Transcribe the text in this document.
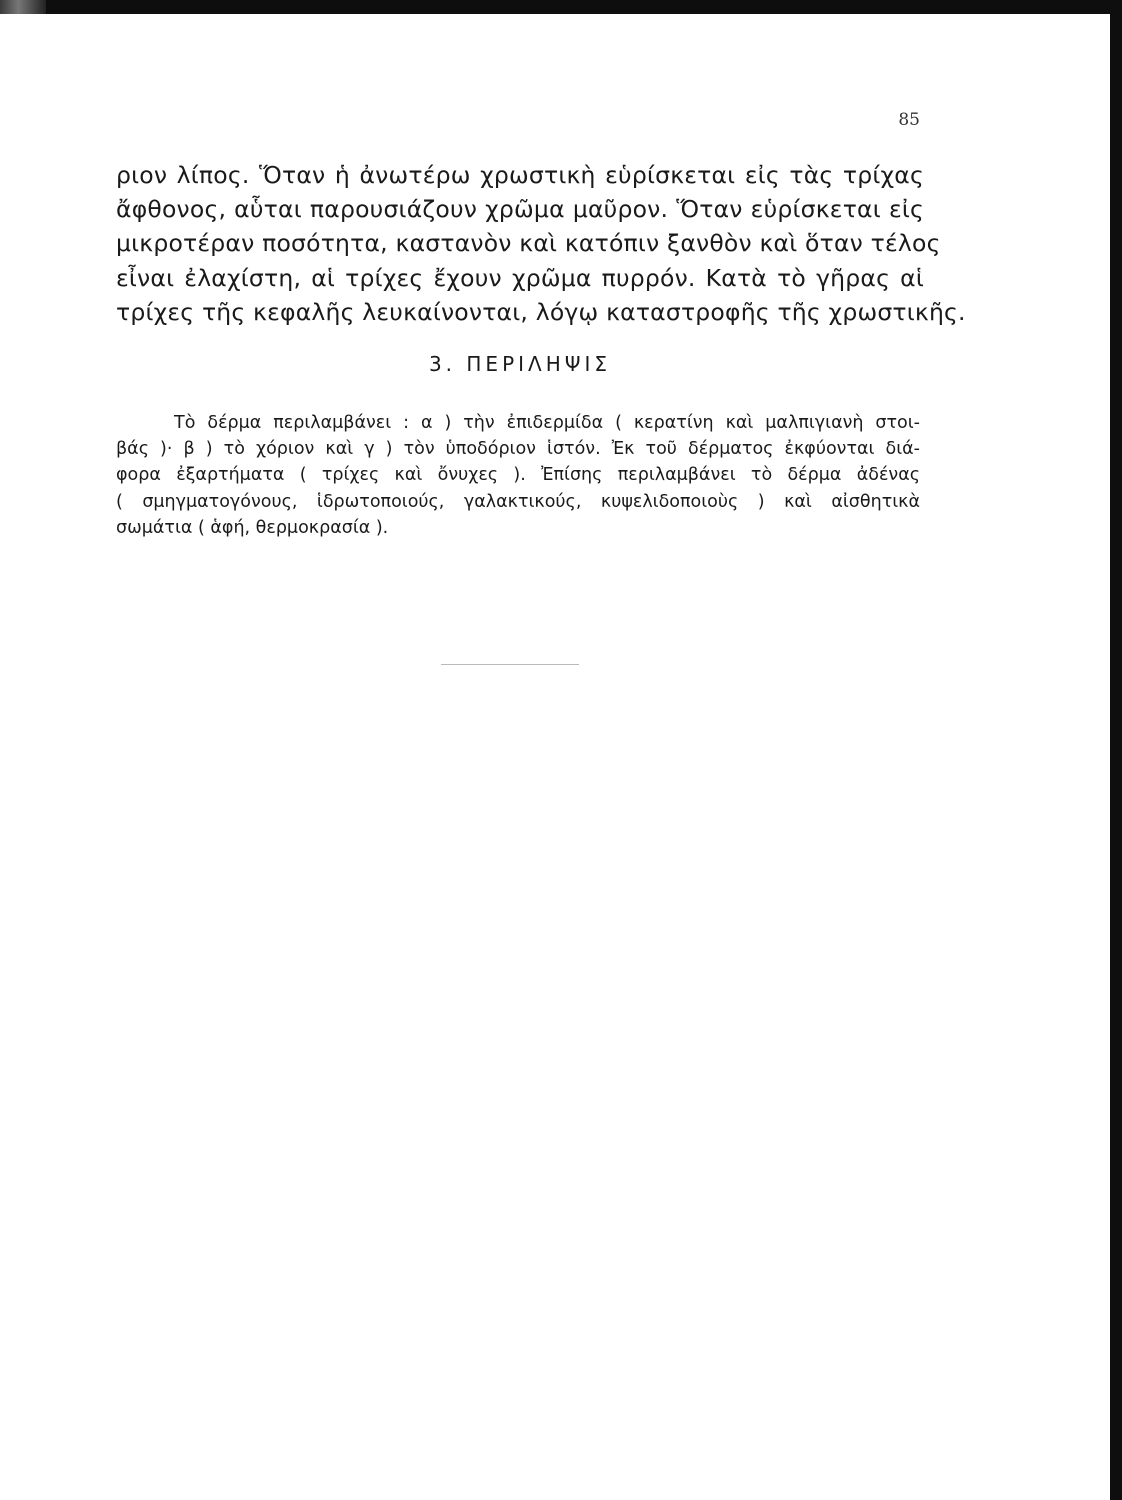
85
ριον λίπος. Ὅταν ἡ ἀνωτέρω χρωστικὴ εὑρίσκεται εἰς τὰς τρίχας
ἄφθονος, αὗται παρουσιάζουν χρῶμα μαῦρον. Ὅταν εὑρίσκεται εἰς
μικροτέραν ποσότητα, καστανὸν καὶ κατόπιν ξανθὸν καὶ ὅταν τέλος
εἶναι ἐλαχίστη, αἱ τρίχες ἔχουν χρῶμα πυρρόν. Κατὰ τὸ γῆρας αἱ
τρίχες τῆς κεφαλῆς λευκαίνονται, λόγῳ καταστροφῆς τῆς χρωστικῆς.
3. ΠΕΡΙΛΗΨΙΣ
Τὸ δέρμα περιλαμβάνει : α ) τὴν ἐπιδερμίδα ( κερατίνη καὶ μαλπιγιανὴ στοι-
βάς )· β ) τὸ χόριον καὶ γ ) τὸν ὑποδόριον ἱστόν. Ἐκ τοῦ δέρματος ἐκφύονται διά-
φορα ἐξαρτήματα ( τρίχες καὶ ὄνυχες ). Ἐπίσης περιλαμβάνει τὸ δέρμα ἀδένας
( σμηγματογόνους, ἱδρωτοποιούς, γαλακτικούς, κυψελιδοποιοὺς ) καὶ αἰσθητικὰ
σωμάτια ( ἁφή, θερμοκρασία ).
